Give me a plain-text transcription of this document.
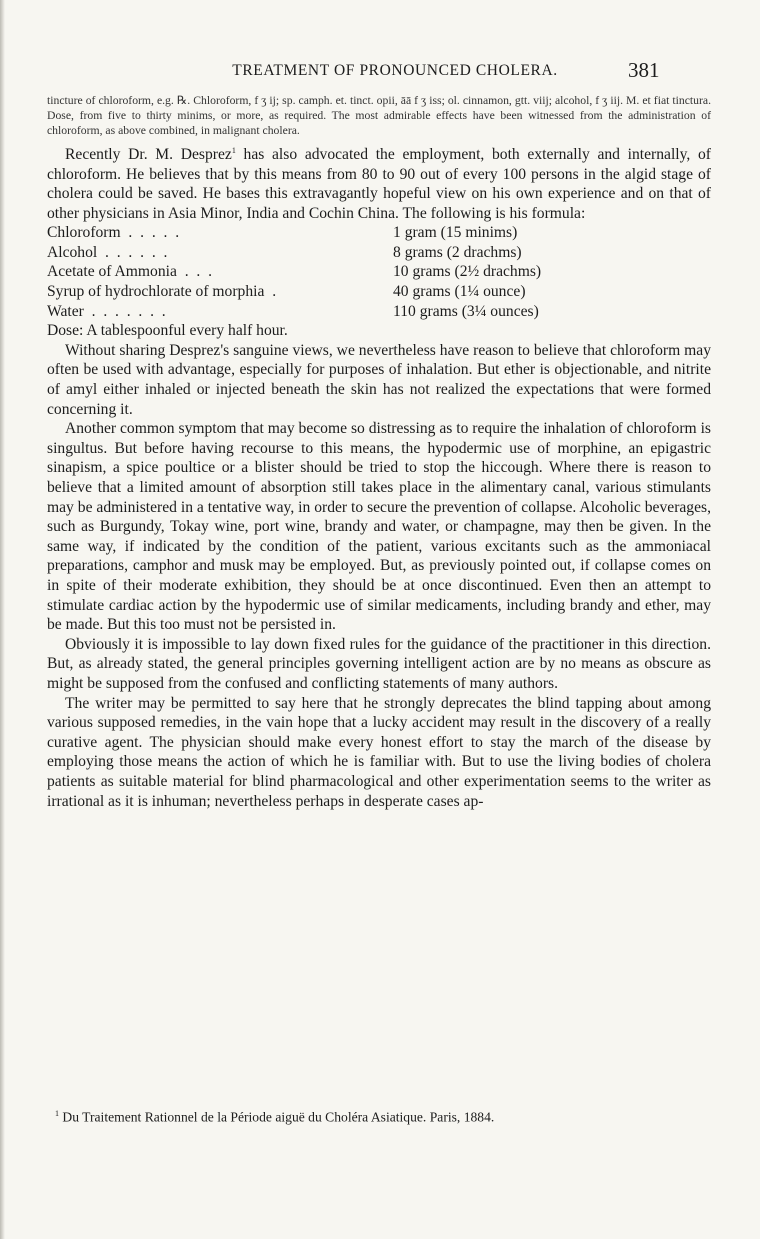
TREATMENT OF PRONOUNCED CHOLERA.	381

tincture of chloroform, e.g. ℞. Chloroform, f ʒ ij; sp. camph. et. tinct. opii, āā f ʒ iss; ol. cinnamon, gtt. viij; alcohol, f ʒ iij. M. et fiat tinctura. Dose, from five to thirty minims, or more, as required. The most admirable effects have been witnessed from the administration of chloroform, as above combined, in malignant cholera.

Recently Dr. M. Desprez$^1$ has also advocated the employment, both externally and internally, of chloroform. He believes that by this means from 80 to 90 out of every 100 persons in the algid stage of cholera could be saved. He bases this extravagantly hopeful view on his own experience and on that of other physicians in Asia Minor, India and Cochin China. The following is his formula:

Chloroform  .  .  .  .  .	1 gram (15 minims)
Alcohol  .  .  .  .  .  .	8 grams (2 drachms)
Acetate of Ammonia  .  .  .	10 grams (2½ drachms)
Syrup of hydrochlorate of morphia  .	40 grams (1¼ ounce)
Water  .  .  .  .  .  .  .	110 grams (3¼ ounces)
Dose: A tablespoonful every half hour.

Without sharing Desprez's sanguine views, we nevertheless have reason to believe that chloroform may often be used with advantage, especially for purposes of inhalation. But ether is objectionable, and nitrite of amyl either inhaled or injected beneath the skin has not realized the expectations that were formed concerning it.

Another common symptom that may become so distressing as to require the inhalation of chloroform is singultus. But before having recourse to this means, the hypodermic use of morphine, an epigastric sinapism, a spice poultice or a blister should be tried to stop the hiccough. Where there is reason to believe that a limited amount of absorption still takes place in the alimentary canal, various stimulants may be administered in a tentative way, in order to secure the prevention of collapse. Alcoholic beverages, such as Burgundy, Tokay wine, port wine, brandy and water, or champagne, may then be given. In the same way, if indicated by the condition of the patient, various excitants such as the ammoniacal preparations, camphor and musk may be employed. But, as previously pointed out, if collapse comes on in spite of their moderate exhibition, they should be at once discontinued. Even then an attempt to stimulate cardiac action by the hypodermic use of similar medicaments, including brandy and ether, may be made. But this too must not be persisted in.

Obviously it is impossible to lay down fixed rules for the guidance of the practitioner in this direction. But, as already stated, the general principles governing intelligent action are by no means as obscure as might be supposed from the confused and conflicting statements of many authors.

The writer may be permitted to say here that he strongly deprecates the blind tapping about among various supposed remedies, in the vain hope that a lucky accident may result in the discovery of a really curative agent. The physician should make every honest effort to stay the march of the disease by employing those means the action of which he is familiar with. But to use the living bodies of cholera patients as suitable material for blind pharmacological and other experimentation seems to the writer as irrational as it is inhuman; nevertheless perhaps in desperate cases ap-

$^1$ Du Traitement Rationnel de la Période aiguë du Choléra Asiatique. Paris, 1884.
